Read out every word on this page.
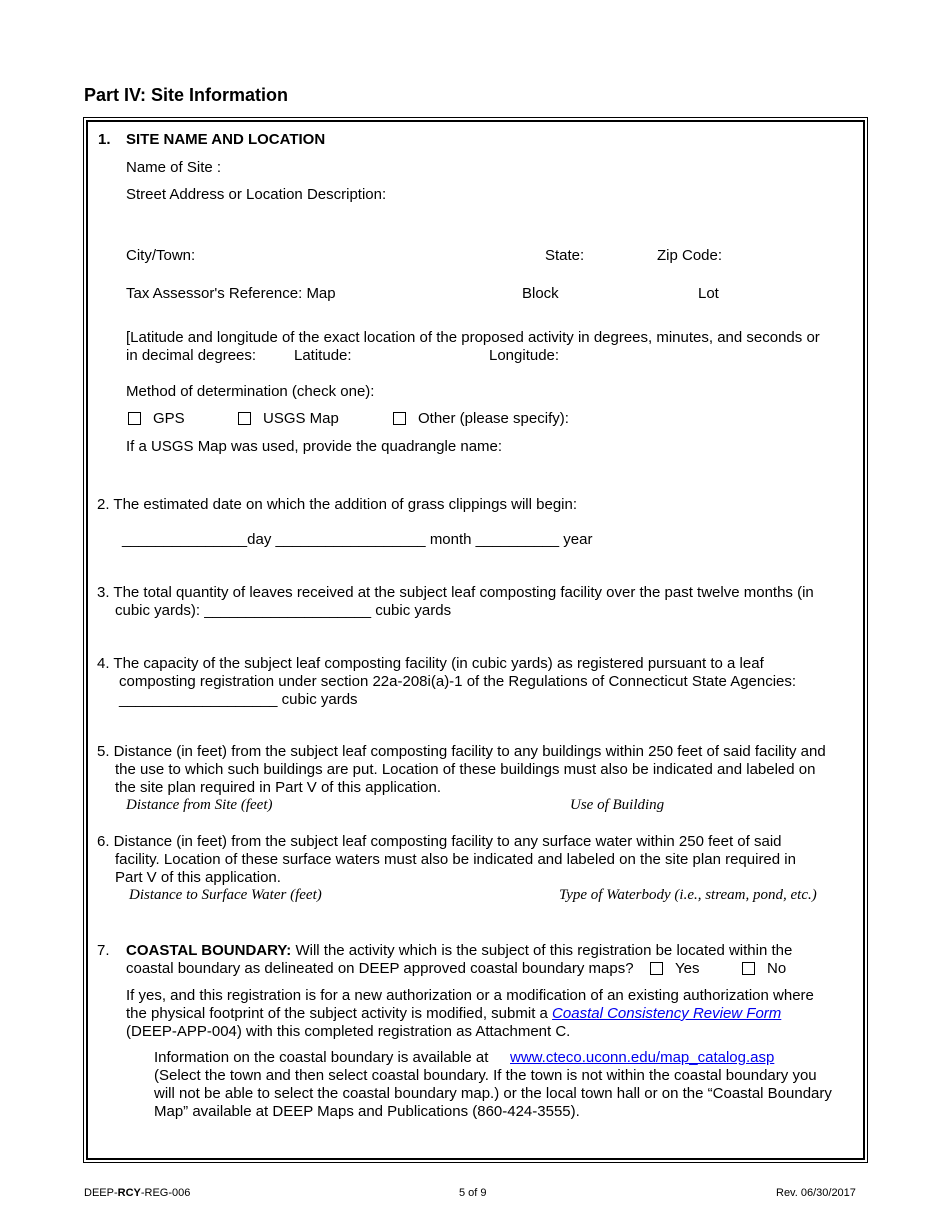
Part IV: Site Information
1. SITE NAME AND LOCATION
Name of Site :
Street Address or Location Description:
City/Town:	State:	Zip Code:
Tax Assessor's Reference: Map	Block	Lot
[Latitude and longitude of the exact location of the proposed activity in degrees, minutes, and seconds or
in decimal degrees:	Latitude:	Longitude:
Method of determination (check one):
GPS	USGS Map	Other (please specify):
If a USGS Map was used, provide the quadrangle name:
2. The estimated date on which the addition of grass clippings will begin:
_______________day __________________ month __________ year
3. The total quantity of leaves received at the subject leaf composting facility over the past twelve months (in
cubic yards): ____________________ cubic yards
4. The capacity of the subject leaf composting facility (in cubic yards) as registered pursuant to a leaf
composting registration under section 22a-208i(a)-1 of the Regulations of Connecticut State Agencies:
___________________ cubic yards
5. Distance (in feet) from the subject leaf composting facility to any buildings within 250 feet of said facility and
the use to which such buildings are put. Location of these buildings must also be indicated and labeled on
the site plan required in Part V of this application.
Distance from Site (feet)	Use of Building
6. Distance (in feet) from the subject leaf composting facility to any surface water within 250 feet of said
facility. Location of these surface waters must also be indicated and labeled on the site plan required in
Part V of this application.
Distance to Surface Water (feet)	Type of Waterbody (i.e., stream, pond, etc.)
7. COASTAL BOUNDARY: Will the activity which is the subject of this registration be located within the
coastal boundary as delineated on DEEP approved coastal boundary maps?	Yes	No
If yes, and this registration is for a new authorization or a modification of an existing authorization where
the physical footprint of the subject activity is modified, submit a Coastal Consistency Review Form
(DEEP-APP-004) with this completed registration as Attachment C.
Information on the coastal boundary is available at www.cteco.uconn.edu/map_catalog.asp
(Select the town and then select coastal boundary. If the town is not within the coastal boundary you
will not be able to select the coastal boundary map.) or the local town hall or on the “Coastal Boundary
Map” available at DEEP Maps and Publications (860-424-3555).
DEEP-RCY-REG-006	5 of 9	Rev. 06/30/2017
